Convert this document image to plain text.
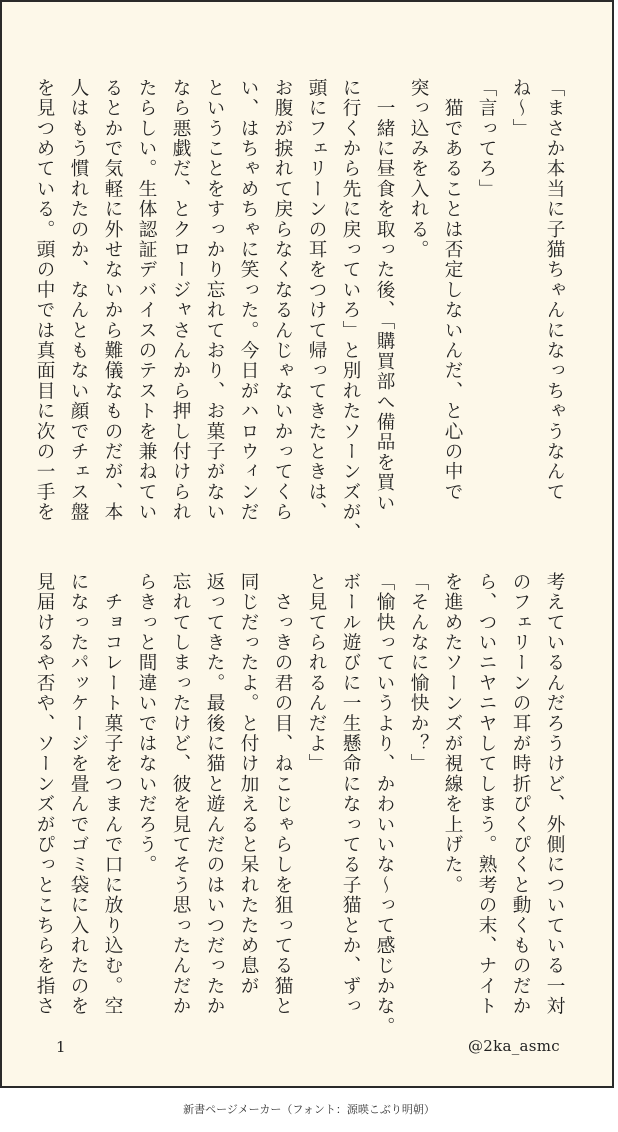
「まさか本当に子猫ちゃんになっちゃうなんて
ね〜」
「言ってろ」
　猫であることは否定しないんだ、と心の中で
突っ込みを入れる。
　一緒に昼食を取った後、「購買部へ備品を買い
に行くから先に戻っていろ」と別れたソーンズが、
頭にフェリーンの耳をつけて帰ってきたときは、
お腹が捩れて戻らなくなるんじゃないかってくら
い、はちゃめちゃに笑った。今日がハロウィンだ
ということをすっかり忘れており、お菓子がない
なら悪戯だ、とクロージャさんから押し付けられ
たらしい。生体認証デバイスのテストを兼ねてい
るとかで気軽に外せないから難儀なものだが、本
人はもう慣れたのか、なんともない顔でチェス盤
を見つめている。頭の中では真面目に次の一手を
考えているんだろうけど、外側についている一対
のフェリーンの耳が時折ぴくぴくと動くものだか
ら、ついニヤニヤしてしまう。熟考の末、ナイト
を進めたソーンズが視線を上げた。
「そんなに愉快か？」
「愉快っていうより、かわいいな〜って感じかな。
ボール遊びに一生懸命になってる子猫とか、ずっ
と見てられるんだよ」
　さっきの君の目、ねこじゃらしを狙ってる猫と
同じだったよ。と付け加えると呆れたため息が
返ってきた。最後に猫と遊んだのはいつだったか
忘れてしまったけど、彼を見てそう思ったんだか
らきっと間違いではないだろう。
　チョコレート菓子をつまんで口に放り込む。空
になったパッケージを畳んでゴミ袋に入れたのを
見届けるや否や、ソーンズがぴっとこちらを指さ
1	@2ka_asmc
新書ページメーカー（フォント：源暎こぶり明朝）
